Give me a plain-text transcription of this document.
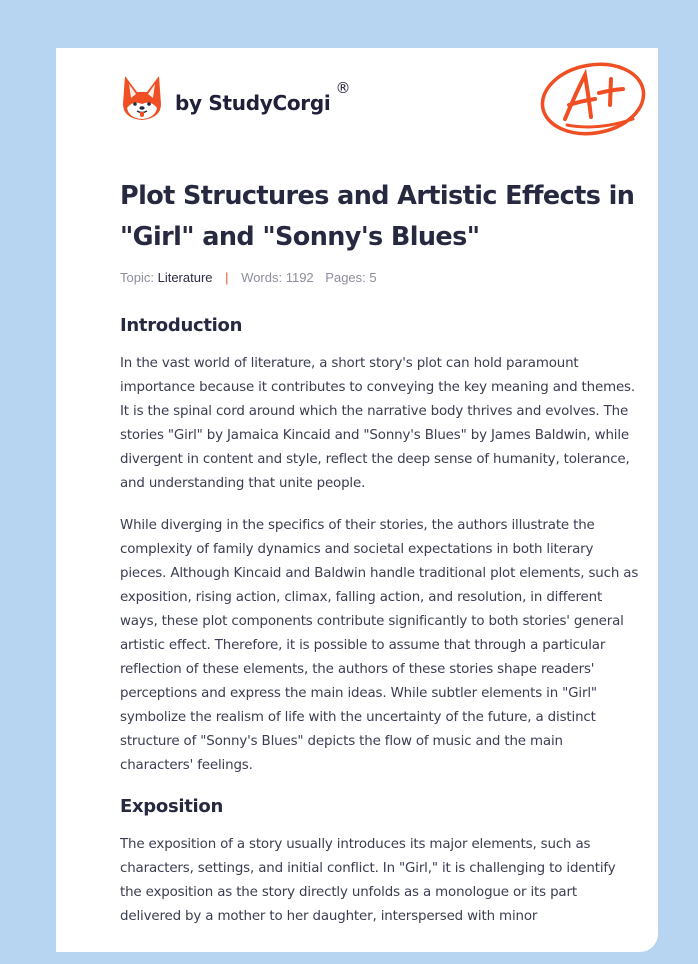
by StudyCorgi
®
Plot Structures and Artistic Effects in "Girl" and "Sonny's Blues"
Topic: Literature | Words: 1192 Pages: 5
Introduction

In the vast world of literature, a short story's plot can hold paramount importance because it contributes to conveying the key meaning and themes. It is the spinal cord around which the narrative body thrives and evolves. The stories "Girl" by Jamaica Kincaid and "Sonny's Blues" by James Baldwin, while divergent in content and style, reflect the deep sense of humanity, tolerance, and understanding that unite people.

While diverging in the specifics of their stories, the authors illustrate the complexity of family dynamics and societal expectations in both literary pieces. Although Kincaid and Baldwin handle traditional plot elements, such as exposition, rising action, climax, falling action, and resolution, in different ways, these plot components contribute significantly to both stories' general artistic effect. Therefore, it is possible to assume that through a particular reflection of these elements, the authors of these stories shape readers' perceptions and express the main ideas. While subtler elements in "Girl" symbolize the realism of life with the uncertainty of the future, a distinct structure of "Sonny's Blues" depicts the flow of music and the main characters' feelings.

Exposition

The exposition of a story usually introduces its major elements, such as characters, settings, and initial conflict. In "Girl," it is challenging to identify the exposition as the story directly unfolds as a monologue or its part delivered by a mother to her daughter, interspersed with minor
